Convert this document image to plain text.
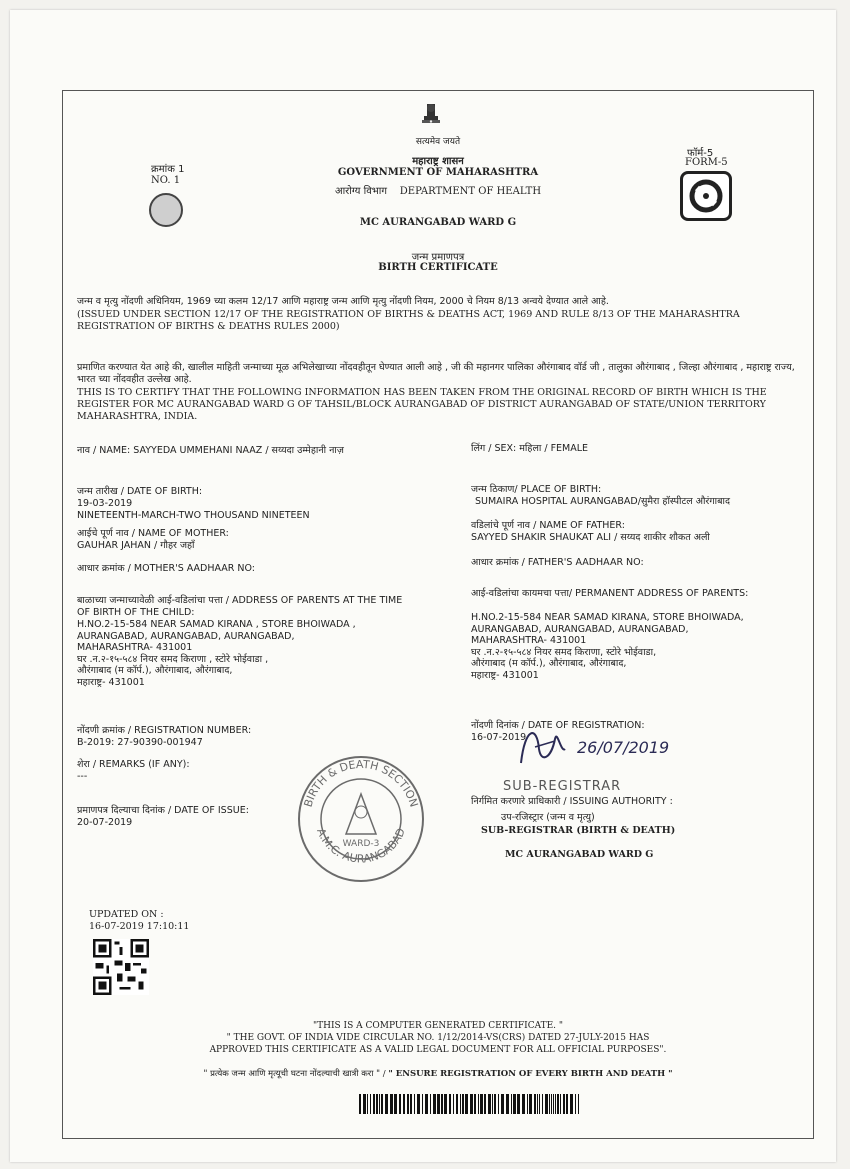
सत्यमेव जयते
क्रमांक 1
NO. 1
महाराष्ट्र शासन
GOVERNMENT OF MAHARASHTRA
आरोग्य विभाग DEPARTMENT OF HEALTH
फॉर्म-5
FORM-5
MC AURANGABAD WARD G
जन्म प्रमाणपत्र
BIRTH CERTIFICATE
जन्म व मृत्यु नोंदणी अधिनियम, 1969 च्या कलम 12/17 आणि महाराष्ट्र जन्म आणि मृत्यु नोंदणी नियम, 2000 चे नियम 8/13 अन्वये देण्यात आले आहे.
(ISSUED UNDER SECTION 12/17 OF THE REGISTRATION OF BIRTHS & DEATHS ACT, 1969 AND RULE 8/13 OF THE MAHARASHTRA REGISTRATION OF BIRTHS & DEATHS RULES 2000)
प्रमाणित करण्यात येत आहे की, खालील माहिती जन्माच्या मूळ अभिलेखाच्या नोंदवहीतून घेण्यात आली आहे , जी की महानगर पालिका औरंगाबाद वॉर्ड जी , तालुका औरंगाबाद , जिल्हा औरंगाबाद , महाराष्ट्र राज्य, भारत च्या नोंदवहीत उल्लेख आहे.
THIS IS TO CERTIFY THAT THE FOLLOWING INFORMATION HAS BEEN TAKEN FROM THE ORIGINAL RECORD OF BIRTH WHICH IS THE REGISTER FOR MC AURANGABAD WARD G OF TAHSIL/BLOCK AURANGABAD OF DISTRICT AURANGABAD OF STATE/UNION TERRITORY MAHARASHTRA, INDIA.
नाव / NAME: SAYYEDA UMMEHANI NAAZ / सय्यदा उम्मेहानी नाज़	लिंग / SEX: महिला / FEMALE
जन्म तारीख / DATE OF BIRTH:
19-03-2019
NINETEENTH-MARCH-TWO THOUSAND NINETEEN
जन्म ठिकाण/ PLACE OF BIRTH:
SUMAIRA HOSPITAL AURANGABAD/सुमैरा हॉस्पीटल औरंगाबाद
आईचे पूर्ण नाव / NAME OF MOTHER:
GAUHAR JAHAN / गौहर जहाँ
वडिलांचे पूर्ण नाव / NAME OF FATHER:
SAYYED SHAKIR SHAUKAT ALI / सय्यद शाकीर शौकत अली
आधार क्रमांक / MOTHER'S AADHAAR NO:
आधार क्रमांक / FATHER'S AADHAAR NO:
बाळाच्या जन्माच्यावेळी आई-वडिलांचा पत्ता / ADDRESS OF PARENTS AT THE TIME
OF BIRTH OF THE CHILD:
H.NO.2-15-584 NEAR SAMAD KIRANA , STORE BHOIWADA ,
AURANGABAD, AURANGABAD, AURANGABAD,
MAHARASHTRA- 431001
घर .न.२-१५-५८४ नियर समद किराणा , स्टोरे भोईवाडा ,
औरंगाबाद (म कॉर्प.), औरंगाबाद, औरंगाबाद,
महाराष्ट्र- 431001
आई-वडिलांचा कायमचा पत्ता/ PERMANENT ADDRESS OF PARENTS:
H.NO.2-15-584 NEAR SAMAD KIRANA, STORE BHOIWADA,
AURANGABAD, AURANGABAD, AURANGABAD,
MAHARASHTRA- 431001
घर .न.२-१५-५८४ नियर समद किराणा, स्टोरे भोईवाडा,
औरंगाबाद (म कॉर्प.), औरंगाबाद, औरंगाबाद,
महाराष्ट्र- 431001
नोंदणी क्रमांक / REGISTRATION NUMBER:
B-2019: 27-90390-001947
नोंदणी दिनांक / DATE OF REGISTRATION:
16-07-2019
शेरा / REMARKS (IF ANY):
---
प्रमाणपत्र दिल्याचा दिनांक / DATE OF ISSUE:
20-07-2019
26/07/2019
SUB-REGISTRAR
निर्गमित करणारे प्राधिकारी / ISSUING AUTHORITY :
उप-रजिस्ट्रार (जन्म व मृत्यु)
SUB-REGISTRAR (BIRTH & DEATH)
MC AURANGABAD WARD G
BIRTH & DEATH SECTION
A.M.C. AURANGABAD
WARD-3
UPDATED ON :
16-07-2019 17:10:11
"THIS IS A COMPUTER GENERATED CERTIFICATE. "
" THE GOVT. OF INDIA VIDE CIRCULAR NO. 1/12/2014-VS(CRS) DATED 27-JULY-2015 HAS
APPROVED THIS CERTIFICATE AS A VALID LEGAL DOCUMENT FOR ALL OFFICIAL PURPOSES".
" प्रत्येक जन्म आणि मृत्यूची घटना नोंदल्याची खात्री करा " / " ENSURE REGISTRATION OF EVERY BIRTH AND DEATH "
